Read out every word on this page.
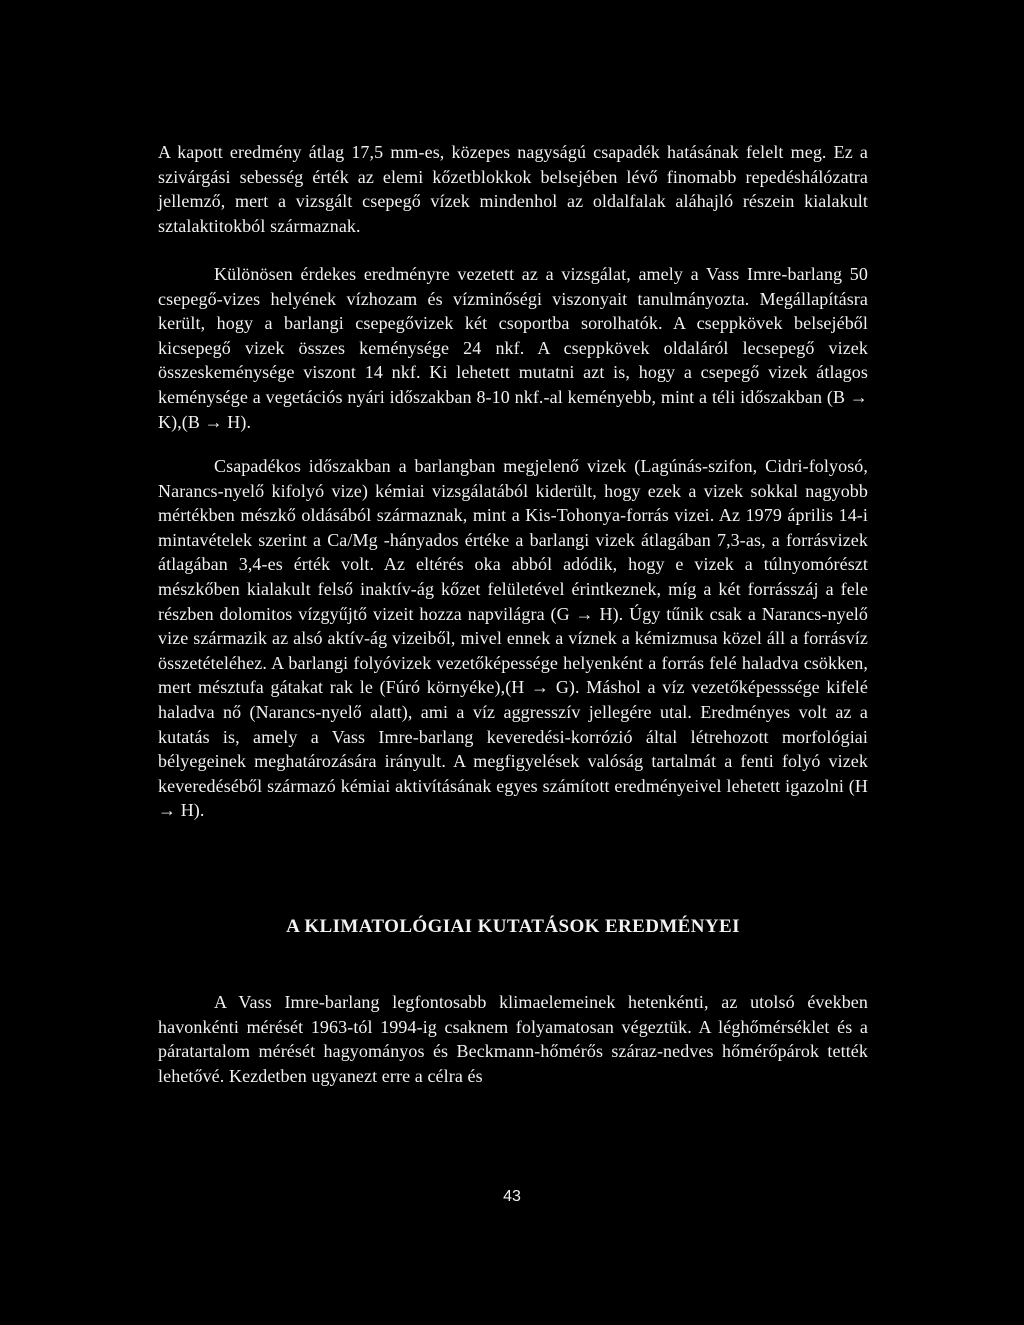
A kapott eredmény átlag 17,5 mm-es, közepes nagyságú csapadék hatásának felelt meg. Ez a szivárgási sebesség érték az elemi kőzetblokkok belsejében lévő finomabb repedéshálózatra jellemző, mert a vizsgált csepegő vízek mindenhol az oldalfalak aláhajló részein kialakult sztalaktitokból származnak.

Különösen érdekes eredményre vezetett az a vizsgálat, amely a Vass Imre-barlang 50 csepegő-vizes helyének vízhozam és vízminőségi viszonyait tanulmányozta. Megállapításra került, hogy a barlangi csepegővizek két csoportba sorolhatók. A cseppkövek belsejéből kicsepegő vizek összes keménysége 24 nkf. A cseppkövek oldaláról lecsepegő vizek összeskeménysége viszont 14 nkf. Ki lehetett mutatni azt is, hogy a csepegő vizek átlagos keménysége a vegetációs nyári időszakban 8-10 nkf.-al keményebb, mint a téli időszakban (B → K),(B → H).

Csapadékos időszakban a barlangban megjelenő vizek (Lagúnás-szifon, Cidri-folyosó, Narancs-nyelő kifolyó vize) kémiai vizsgálatából kiderült, hogy ezek a vizek sokkal nagyobb mértékben mészkő oldásából származnak, mint a Kis-Tohonya-forrás vizei. Az 1979 április 14-i mintavételek szerint a Ca/Mg -hányados értéke a barlangi vizek átlagában 7,3-as, a forrásvizek átlagában 3,4-es érték volt. Az eltérés oka abból adódik, hogy e vizek a túlnyomórészt mészkőben kialakult felső inaktív-ág kőzet felületével érintkeznek, míg a két forrásszáj a fele részben dolomitos vízgyűjtő vizeit hozza napvilágra (G → H). Úgy tűnik csak a Narancs-nyelő vize származik az alsó aktív-ág vizeiből, mivel ennek a víznek a kémizmusa közel áll a forrásvíz összetételéhez. A barlangi folyóvizek vezetőképessége helyenként a forrás felé haladva csökken, mert mésztufa gátakat rak le (Fúró környéke),(H → G). Máshol a víz vezetőképesssége kifelé haladva nő (Narancs-nyelő alatt), ami a víz aggresszív jellegére utal. Eredményes volt az a kutatás is, amely a Vass Imre-barlang keveredési-korrózió által létrehozott morfológiai bélyegeinek meghatározására irányult. A megfigyelések valóság tartalmát a fenti folyó vizek keveredéséből származó kémiai aktivításának egyes számított eredményeivel lehetett igazolni (H → H).

A KLIMATOLÓGIAI KUTATÁSOK EREDMÉNYEI

A Vass Imre-barlang legfontosabb klimaelemeinek hetenkénti, az utolsó években havonkénti mérését 1963-tól 1994-ig csaknem folyamatosan végeztük. A léghőmérséklet és a páratartalom mérését hagyományos és Beckmann-hőmérős száraz-nedves hőmérőpárok tették lehetővé. Kezdetben ugyanezt erre a célra és

43
